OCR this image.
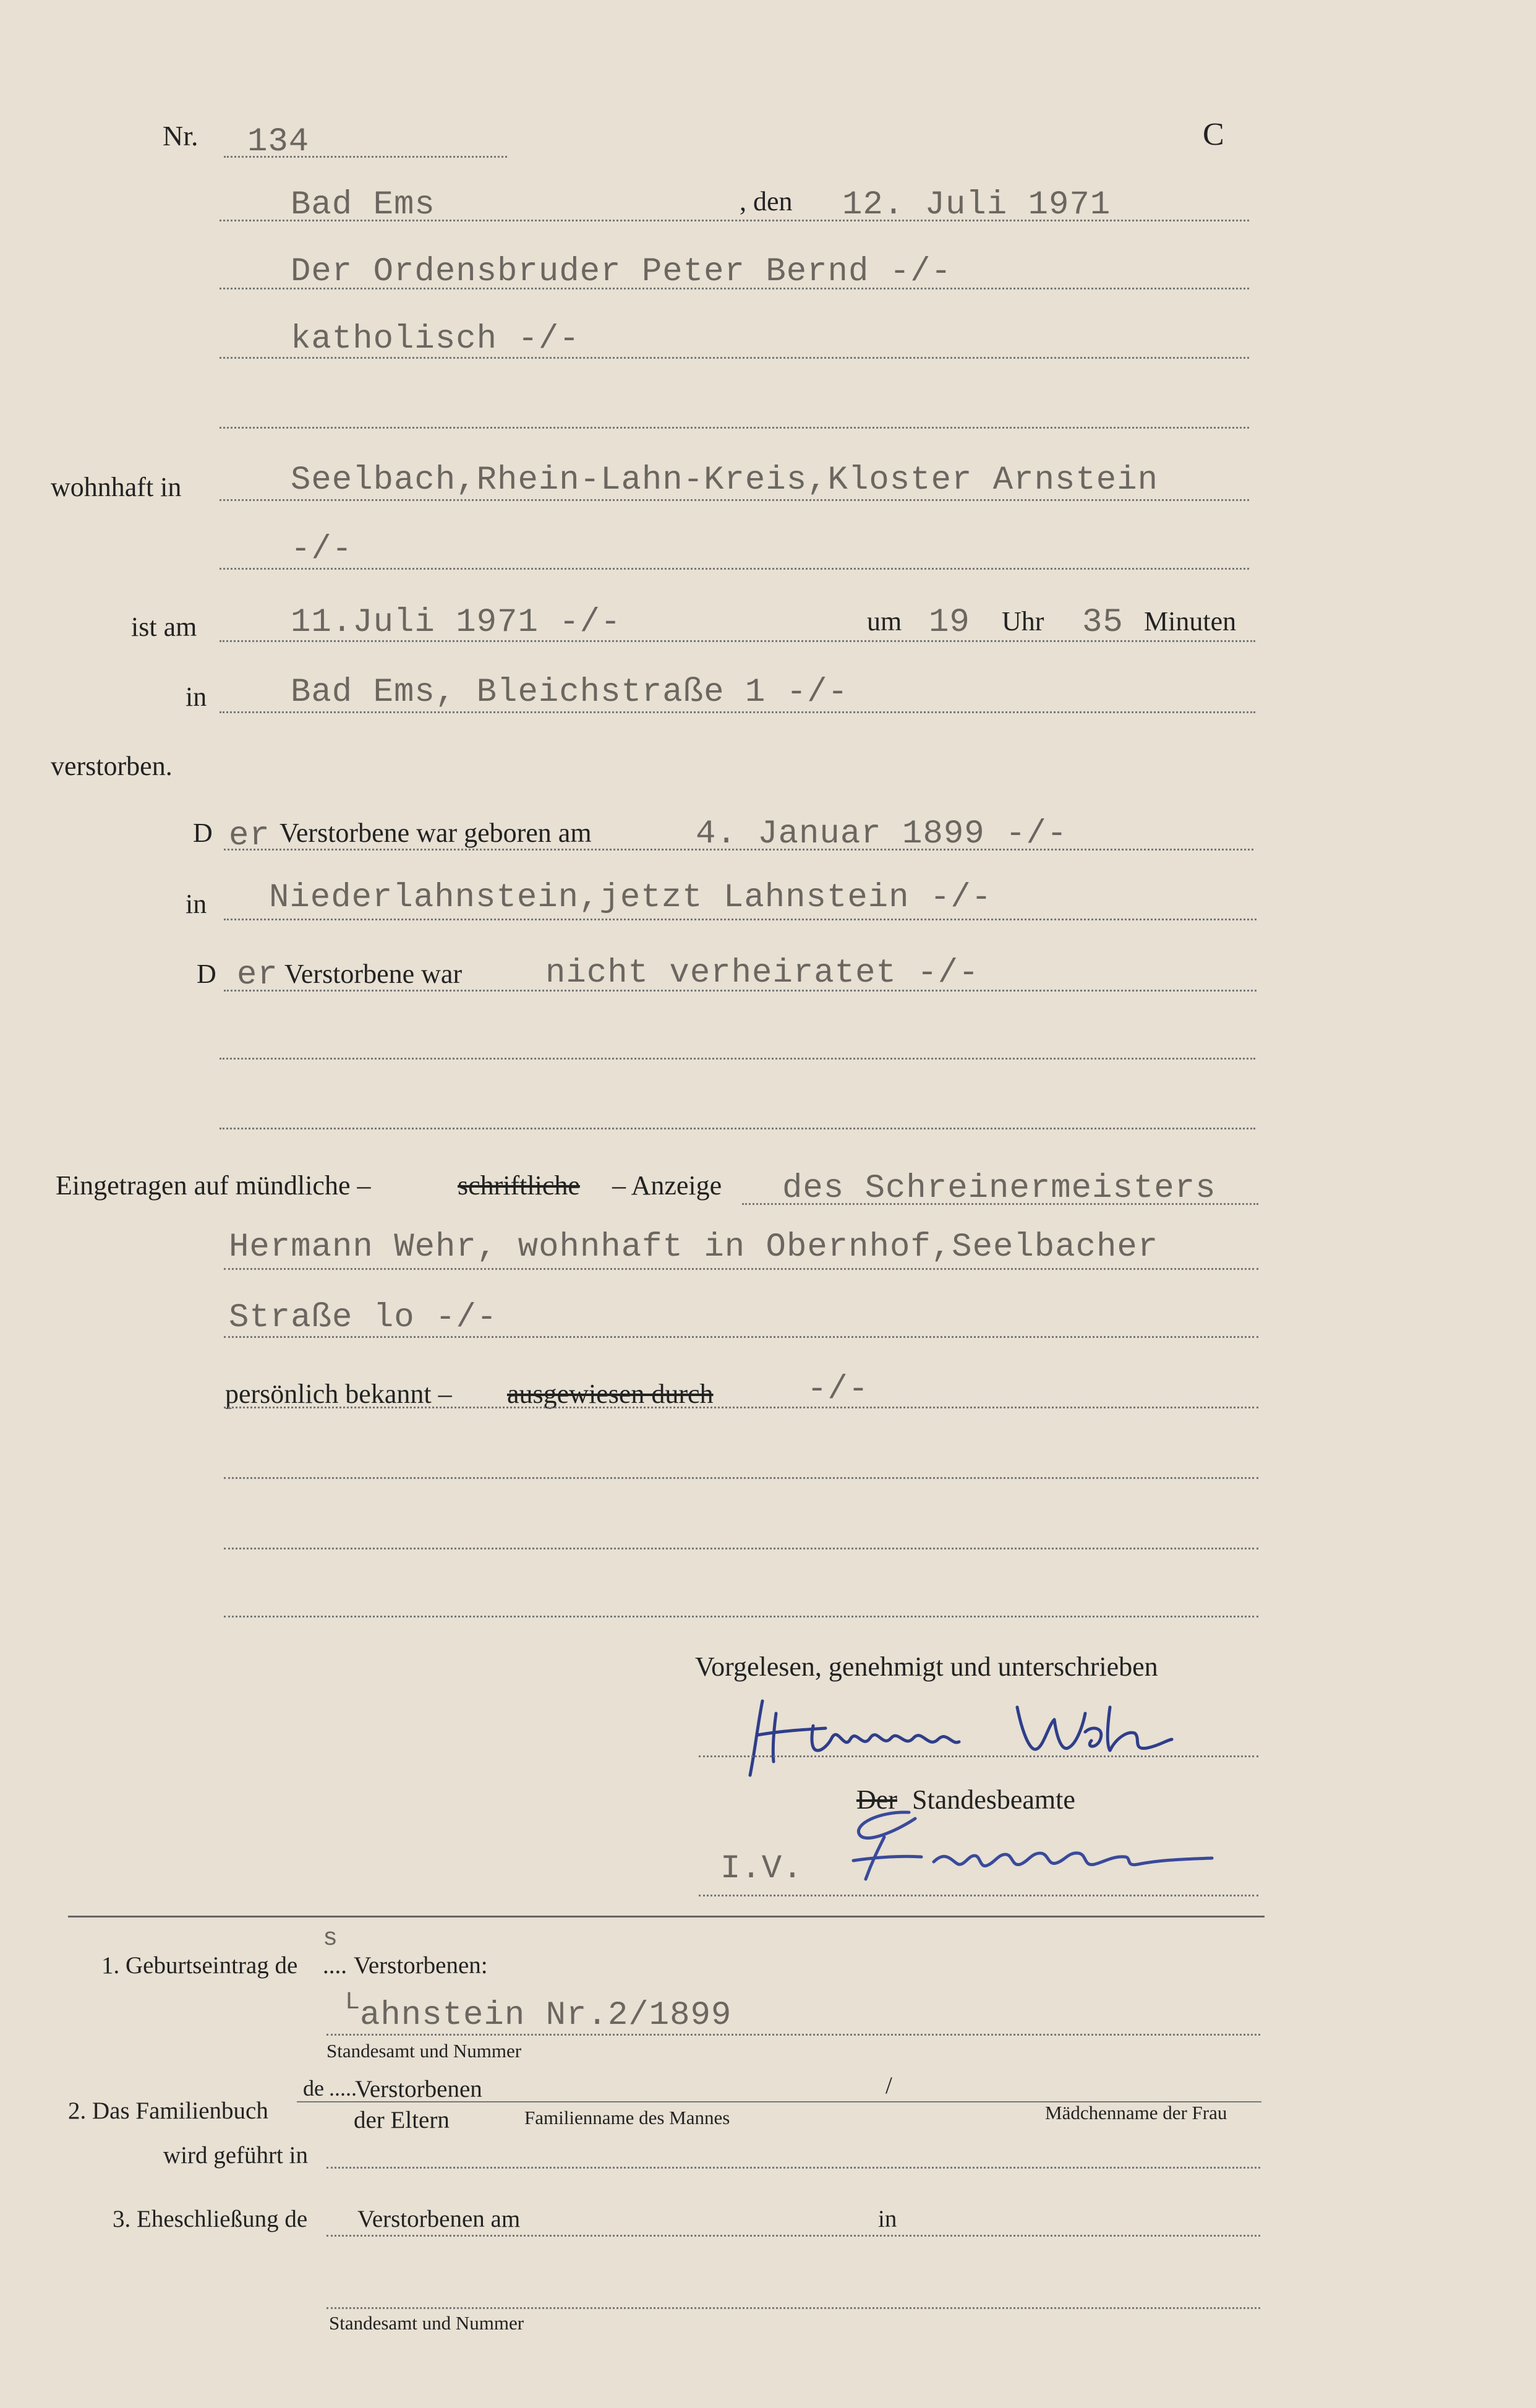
Nr. 134	C
Bad Ems	, den 12. Juli 1971
Der Ordensbruder Peter Bernd -/-
katholisch -/-
wohnhaft in	Seelbach,Rhein-Lahn-Kreis,Kloster Arnstein
-/-
ist am	11.Juli 1971 -/-	um 19 Uhr 35 Minuten
in	Bad Ems, Bleichstraße 1 -/-
verstorben.
D er Verstorbene war geboren am	4. Januar 1899 -/-
in Niederlahnstein,jetzt Lahnstein -/-
D er Verstorbene war nicht verheiratet -/-
Eingetragen auf mündliche –	schriftliche – Anzeige des Schreinermeisters
Hermann Wehr, wohnhaft in Obernhof,Seelbacher
Straße lo -/-
persönlich bekannt – ausgewiesen durch	-/-
Vorgelesen, genehmigt und unterschrieben
Der Standesbeamte
I.V.
1. Geburtseintrag de
s
.... Verstorbenen:
L
ahnstein Nr.2/1899
Standesamt und Nummer
2. Das Familienbuch
de .....
Verstorbenen	/
der Eltern	Familienname des Mannes	Mädchenname der Frau
wird geführt in
3. Eheschließung de Verstorbenen am	in
Standesamt und Nummer
